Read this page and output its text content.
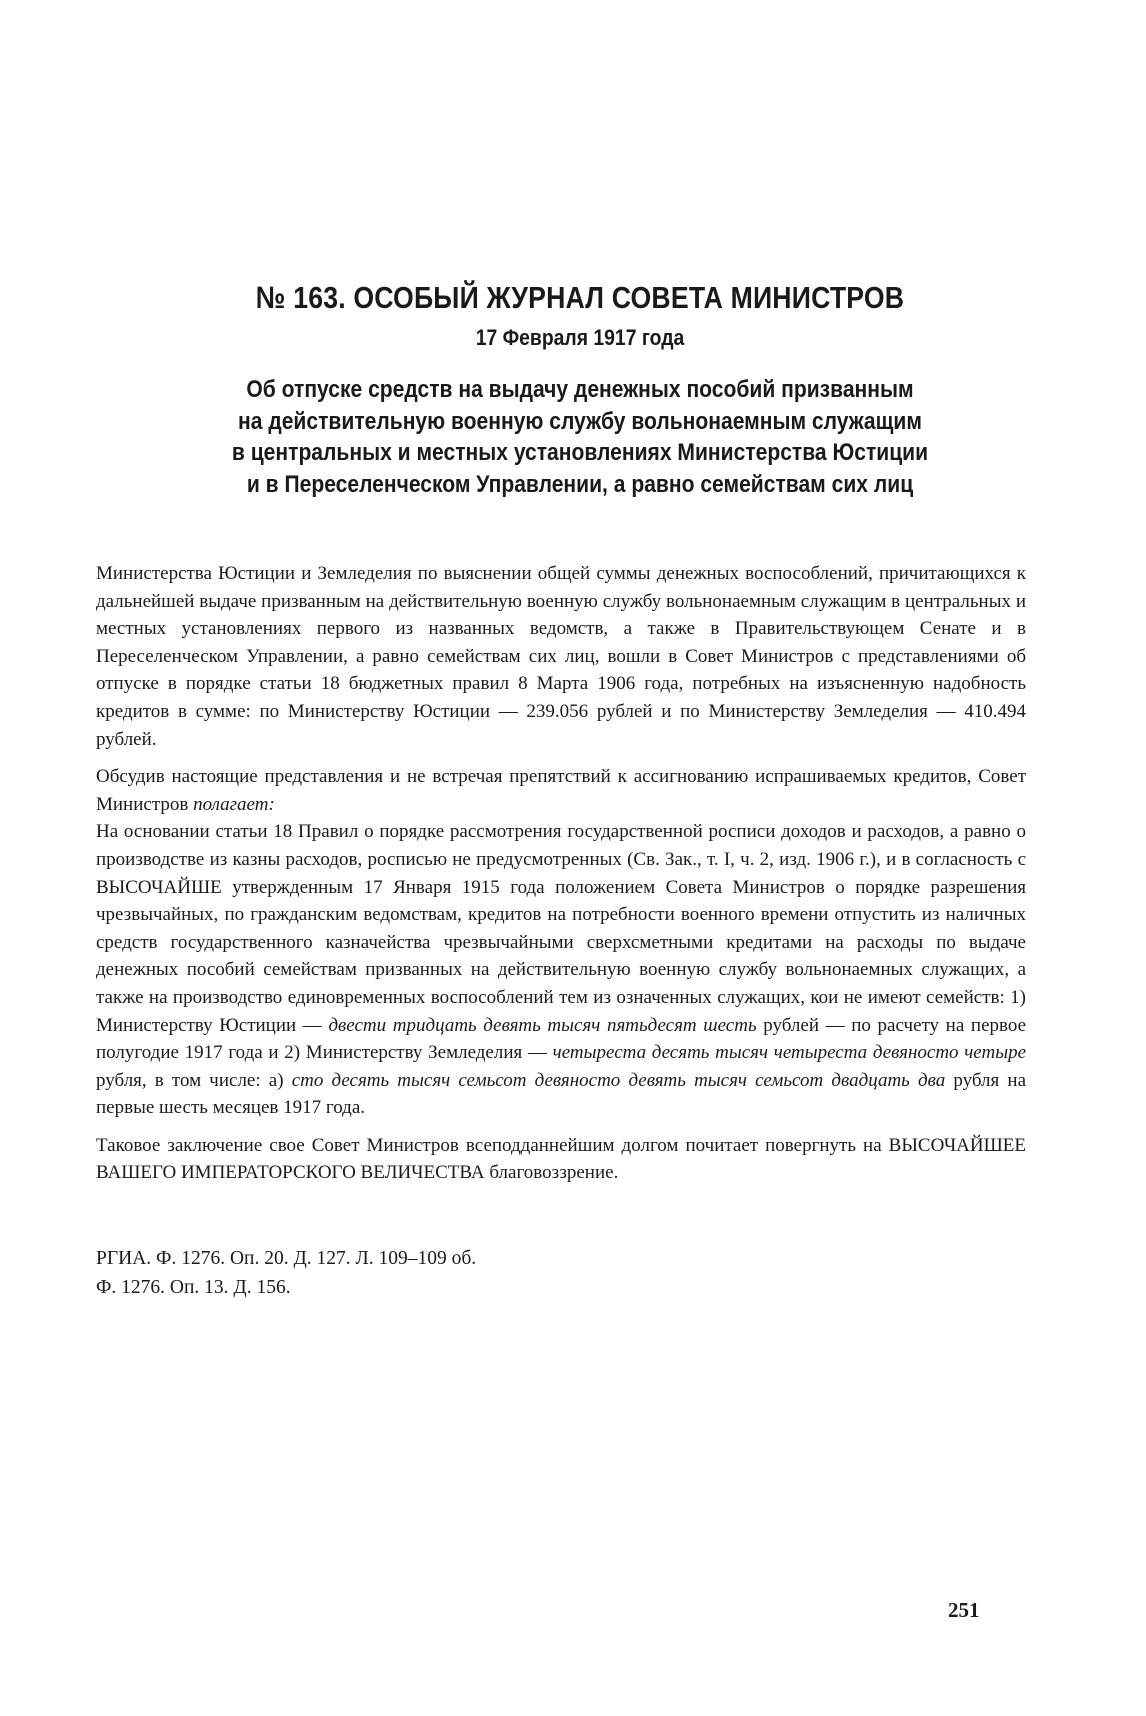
№ 163. ОСОБЫЙ ЖУРНАЛ СОВЕТА МИНИСТРОВ
17 Февраля 1917 года
Об отпуске средств на выдачу денежных пособий призванным
на действительную военную службу вольнонаемным служащим
в центральных и местных установлениях Министерства Юстиции
и в Переселенческом Управлении, а равно семействам сих лиц

Министерства Юстиции и Земледелия по выяснении общей суммы денежных воспособлений, причитающихся к дальнейшей выдаче призванным на действительную военную службу вольнонаемным служащим в центральных и местных установлениях первого из названных ведомств, а также в Правительствующем Сенате и в Переселенческом Управлении, а равно семействам сих лиц, вошли в Совет Министров с представлениями об отпуске в порядке статьи 18 бюджетных правил 8 Марта 1906 года, потребных на изъясненную надобность кредитов в сумме: по Министерству Юстиции — 239.056 рублей и по Министерству Земледелия — 410.494 рублей.

Обсудив настоящие представления и не встречая препятствий к ассигнованию испрашиваемых кредитов, Совет Министров полагает:

На основании статьи 18 Правил о порядке рассмотрения государственной росписи доходов и расходов, а равно о производстве из казны расходов, росписью не предусмотренных (Св. Зак., т. I, ч. 2, изд. 1906 г.), и в согласность с ВЫСОЧАЙШЕ утвержденным 17 Января 1915 года положением Совета Министров о порядке разрешения чрезвычайных, по гражданским ведомствам, кредитов на потребности военного времени отпустить из наличных средств государственного казначейства чрезвычайными сверхсметными кредитами на расходы по выдаче денежных пособий семействам призванных на действительную военную службу вольнонаемных служащих, а также на производство единовременных воспособлений тем из означенных служащих, кои не имеют семейств: 1) Министерству Юстиции — двести тридцать девять тысяч пятьдесят шесть рублей — по расчету на первое полугодие 1917 года и 2) Министерству Земледелия — четыреста десять тысяч четыреста девяносто четыре рубля, в том числе: а) сто десять тысяч семьсот девяносто девять тысяч семьсот двадцать два рубля на первые шесть месяцев 1917 года.

Таковое заключение свое Совет Министров всеподданнейшим долгом почитает повергнуть на ВЫСОЧАЙШЕЕ ВАШЕГО ИМПЕРАТОРСКОГО ВЕЛИЧЕСТВА благовоззрение.

РГИА. Ф. 1276. Оп. 20. Д. 127. Л. 109–109 об.
Ф. 1276. Оп. 13. Д. 156.
251
